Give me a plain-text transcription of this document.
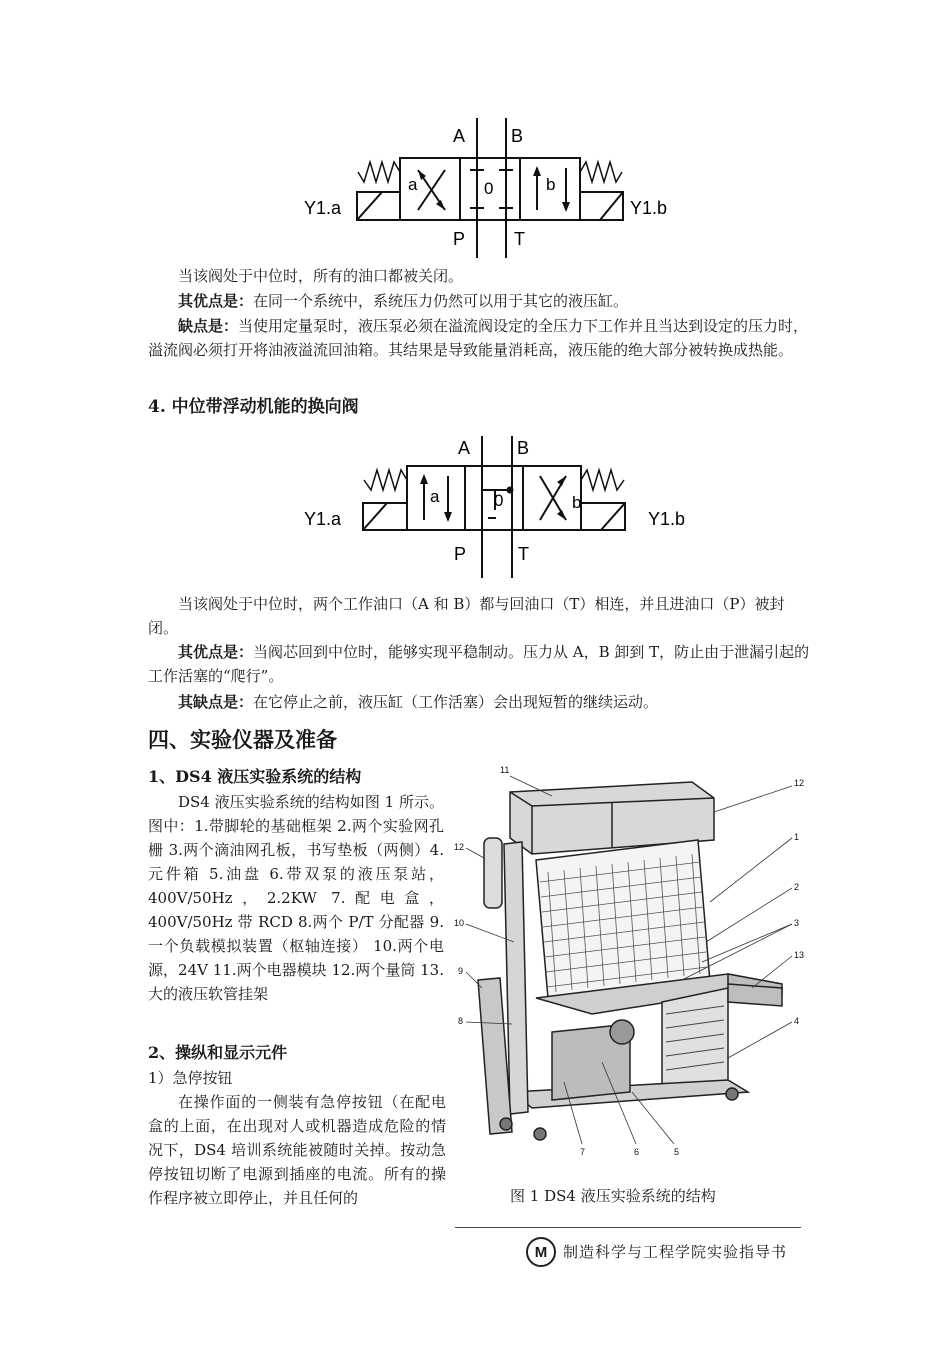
A	B
P	T
Y1.a	Y1.b
a	0	b
当该阀处于中位时，所有的油口都被关闭。
其优点是：在同一个系统中，系统压力仍然可以用于其它的液压缸。
缺点是：当使用定量泵时，液压泵必须在溢流阀设定的全压力下工作并且当达到设定的压力时，溢流阀必须打开将油液溢流回油箱。其结果是导致能量消耗高，液压能的绝大部分被转换成热能。
4. 中位带浮动机能的换向阀
A	B
P	T
Y1.a	Y1.b
a	0	b
当该阀处于中位时，两个工作油口（A 和 B）都与回油口（T）相连，并且进油口（P）被封闭。
其优点是：当阀芯回到中位时，能够实现平稳制动。压力从 A，B 卸到 T，防止由于泄漏引起的工作活塞的“爬行”。
其缺点是：在它停止之前，液压缸（工作活塞）会出现短暂的继续运动。
四、实验仪器及准备
1、DS4 液压实验系统的结构
DS4 液压实验系统的结构如图 1 所示。图中：1.带脚轮的基础框架 2.两个实验网孔栅 3.两个滴油网孔板，书写垫板（两侧）4.元件箱 5.油盘 6.带双泵的液压泵站，400V/50Hz，2.2KW 7.配电盒，400V/50Hz 带 RCD 8.两个 P/T 分配器 9.一个负载模拟装置（枢轴连接） 10.两个电源，24V 11.两个电器模块 12.两个量筒 13. 大的液压软管挂架
2、操纵和显示元件
1）急停按钮
在操作面的一侧装有急停按钮（在配电盒的上面，在出现对人或机器造成危险的情况下，DS4 培训系统能被随时关掉。按动急停按钮切断了电源到插座的电流。所有的操作程序被立即停止，并且任何的
11
12
1
2
3
13
4
5
6
7
12
10
9
8
图 1 DS4 液压实验系统的结构
M 制造科学与工程学院实验指导书
